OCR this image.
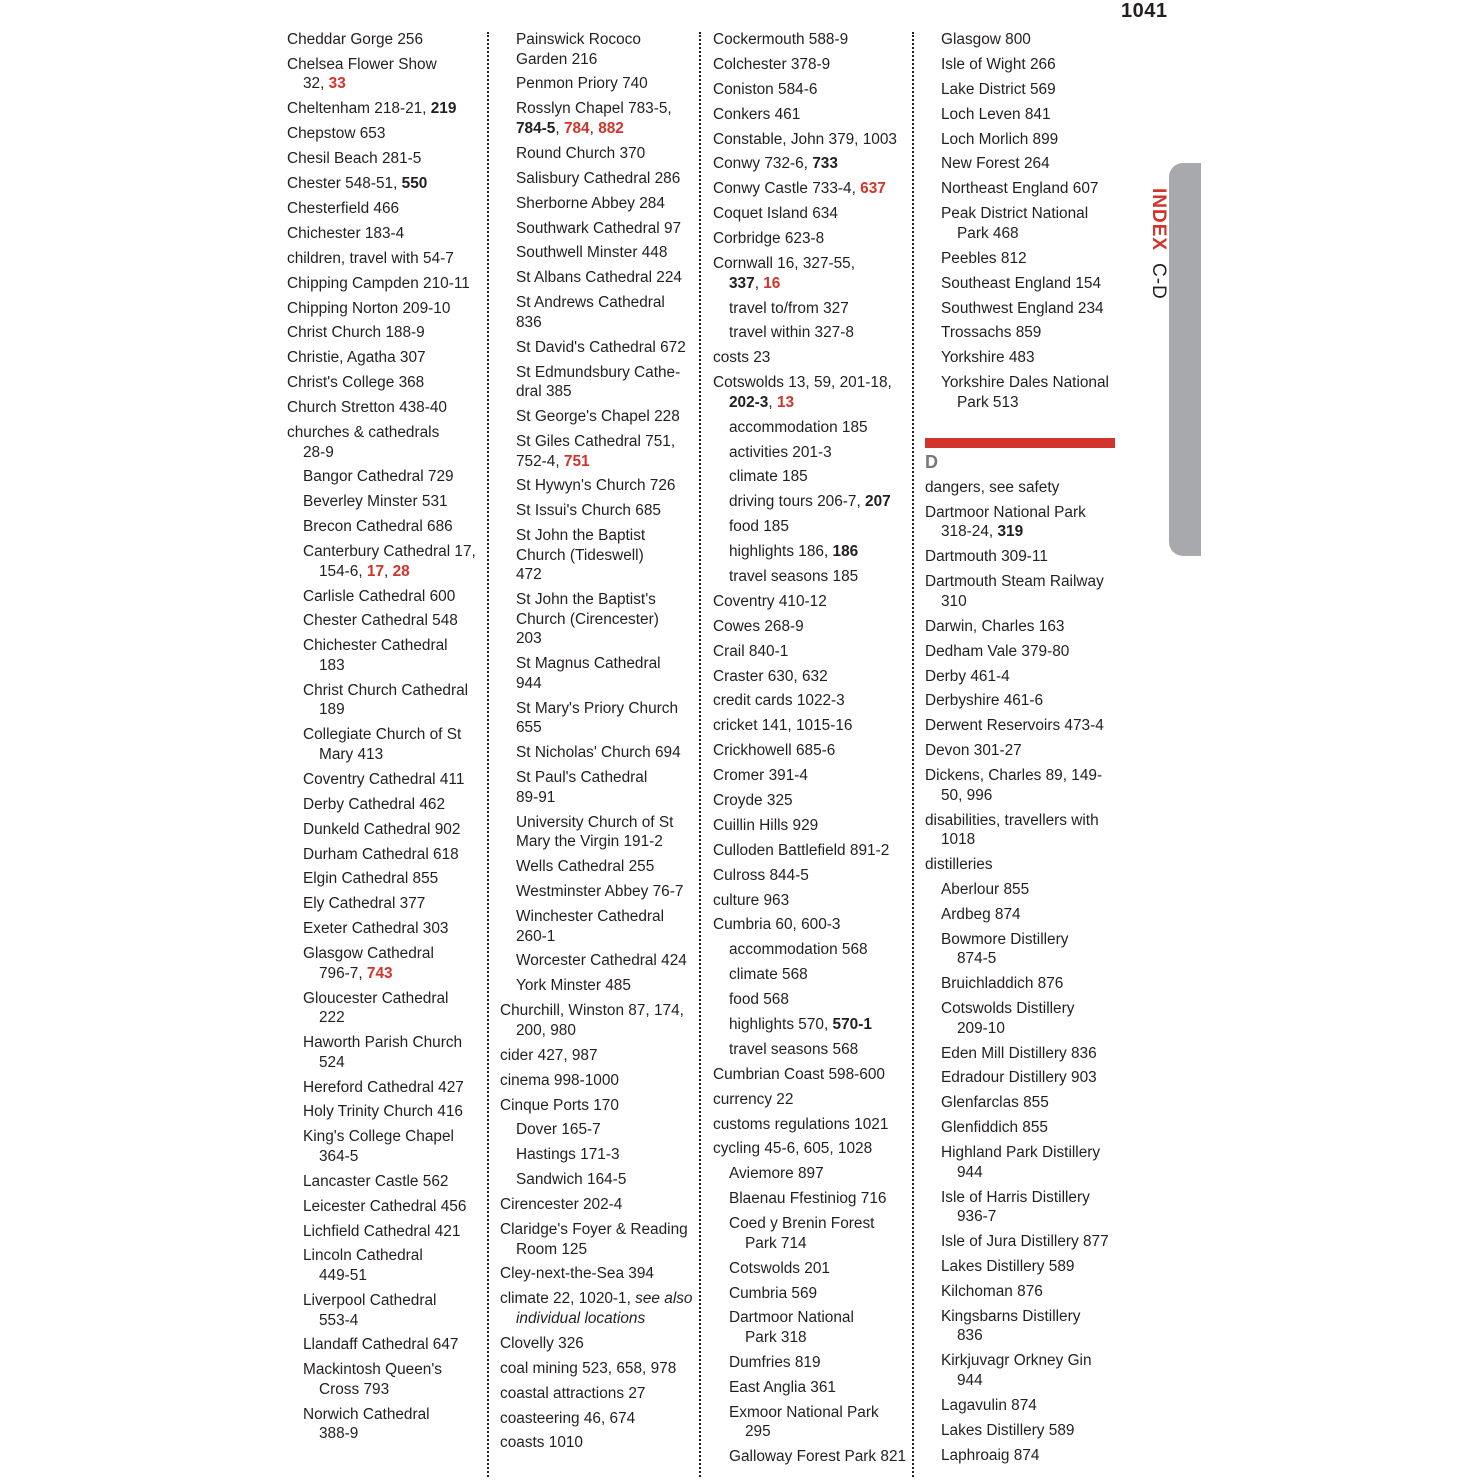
1041
Cheddar Gorge 256
Chelsea Flower Show
32, 33
Cheltenham 218-21, 219
Chepstow 653
Chesil Beach 281-5
Chester 548-51, 550
Chesterfield 466
Chichester 183-4
children, travel with 54-7
Chipping Campden 210-11
Chipping Norton 209-10
Christ Church 188-9
Christie, Agatha 307
Christ's College 368
Church Stretton 438-40
churches & cathedrals
28-9
Bangor Cathedral 729
Beverley Minster 531
Brecon Cathedral 686
Canterbury Cathedral 17,
154-6, 17, 28
Carlisle Cathedral 600
Chester Cathedral 548
Chichester Cathedral
183
Christ Church Cathedral
189
Collegiate Church of St
Mary 413
Coventry Cathedral 411
Derby Cathedral 462
Dunkeld Cathedral 902
Durham Cathedral 618
Elgin Cathedral 855
Ely Cathedral 377
Exeter Cathedral 303
Glasgow Cathedral
796-7, 743
Gloucester Cathedral
222
Haworth Parish Church
524
Hereford Cathedral 427
Holy Trinity Church 416
King's College Chapel
364-5
Lancaster Castle 562
Leicester Cathedral 456
Lichfield Cathedral 421
Lincoln Cathedral
449-51
Liverpool Cathedral
553-4
Llandaff Cathedral 647
Mackintosh Queen's
Cross 793
Norwich Cathedral
388-9
Painswick Rococo
Garden 216
Penmon Priory 740
Rosslyn Chapel 783-5,
784-5, 784, 882
Round Church 370
Salisbury Cathedral 286
Sherborne Abbey 284
Southwark Cathedral 97
Southwell Minster 448
St Albans Cathedral 224
St Andrews Cathedral
836
St David's Cathedral 672
St Edmundsbury Cathe-
dral 385
St George's Chapel 228
St Giles Cathedral 751,
752-4, 751
St Hywyn's Church 726
St Issui's Church 685
St John the Baptist
Church (Tideswell)
472
St John the Baptist's
Church (Cirencester)
203
St Magnus Cathedral
944
St Mary's Priory Church
655
St Nicholas' Church 694
St Paul's Cathedral
89-91
University Church of St
Mary the Virgin 191-2
Wells Cathedral 255
Westminster Abbey 76-7
Winchester Cathedral
260-1
Worcester Cathedral 424
York Minster 485
Churchill, Winston 87, 174,
200, 980
cider 427, 987
cinema 998-1000
Cinque Ports 170
Dover 165-7
Hastings 171-3
Sandwich 164-5
Cirencester 202-4
Claridge's Foyer & Reading
Room 125
Cley-next-the-Sea 394
climate 22, 1020-1, see also
individual locations
Clovelly 326
coal mining 523, 658, 978
coastal attractions 27
coasteering 46, 674
coasts 1010
Cockermouth 588-9
Colchester 378-9
Coniston 584-6
Conkers 461
Constable, John 379, 1003
Conwy 732-6, 733
Conwy Castle 733-4, 637
Coquet Island 634
Corbridge 623-8
Cornwall 16, 327-55,
337, 16
travel to/from 327
travel within 327-8
costs 23
Cotswolds 13, 59, 201-18,
202-3, 13
accommodation 185
activities 201-3
climate 185
driving tours 206-7, 207
food 185
highlights 186, 186
travel seasons 185
Coventry 410-12
Cowes 268-9
Crail 840-1
Craster 630, 632
credit cards 1022-3
cricket 141, 1015-16
Crickhowell 685-6
Cromer 391-4
Croyde 325
Cuillin Hills 929
Culloden Battlefield 891-2
Culross 844-5
culture 963
Cumbria 60, 600-3
accommodation 568
climate 568
food 568
highlights 570, 570-1
travel seasons 568
Cumbrian Coast 598-600
currency 22
customs regulations 1021
cycling 45-6, 605, 1028
Aviemore 897
Blaenau Ffestiniog 716
Coed y Brenin Forest
Park 714
Cotswolds 201
Cumbria 569
Dartmoor National
Park 318
Dumfries 819
East Anglia 361
Exmoor National Park
295
Galloway Forest Park 821
Glasgow 800
Isle of Wight 266
Lake District 569
Loch Leven 841
Loch Morlich 899
New Forest 264
Northeast England 607
Peak District National
Park 468
Peebles 812
Southeast England 154
Southwest England 234
Trossachs 859
Yorkshire 483
Yorkshire Dales National
Park 513
D
dangers, see safety
Dartmoor National Park
318-24, 319
Dartmouth 309-11
Dartmouth Steam Railway
310
Darwin, Charles 163
Dedham Vale 379-80
Derby 461-4
Derbyshire 461-6
Derwent Reservoirs 473-4
Devon 301-27
Dickens, Charles 89, 149-
50, 996
disabilities, travellers with
1018
distilleries
Aberlour 855
Ardbeg 874
Bowmore Distillery
874-5
Bruichladdich 876
Cotswolds Distillery
209-10
Eden Mill Distillery 836
Edradour Distillery 903
Glenfarclas 855
Glenfiddich 855
Highland Park Distillery
944
Isle of Harris Distillery
936-7
Isle of Jura Distillery 877
Lakes Distillery 589
Kilchoman 876
Kingsbarns Distillery
836
Kirkjuvagr Orkney Gin
944
Lagavulin 874
Lakes Distillery 589
Laphroaig 874
INDEX C-D
